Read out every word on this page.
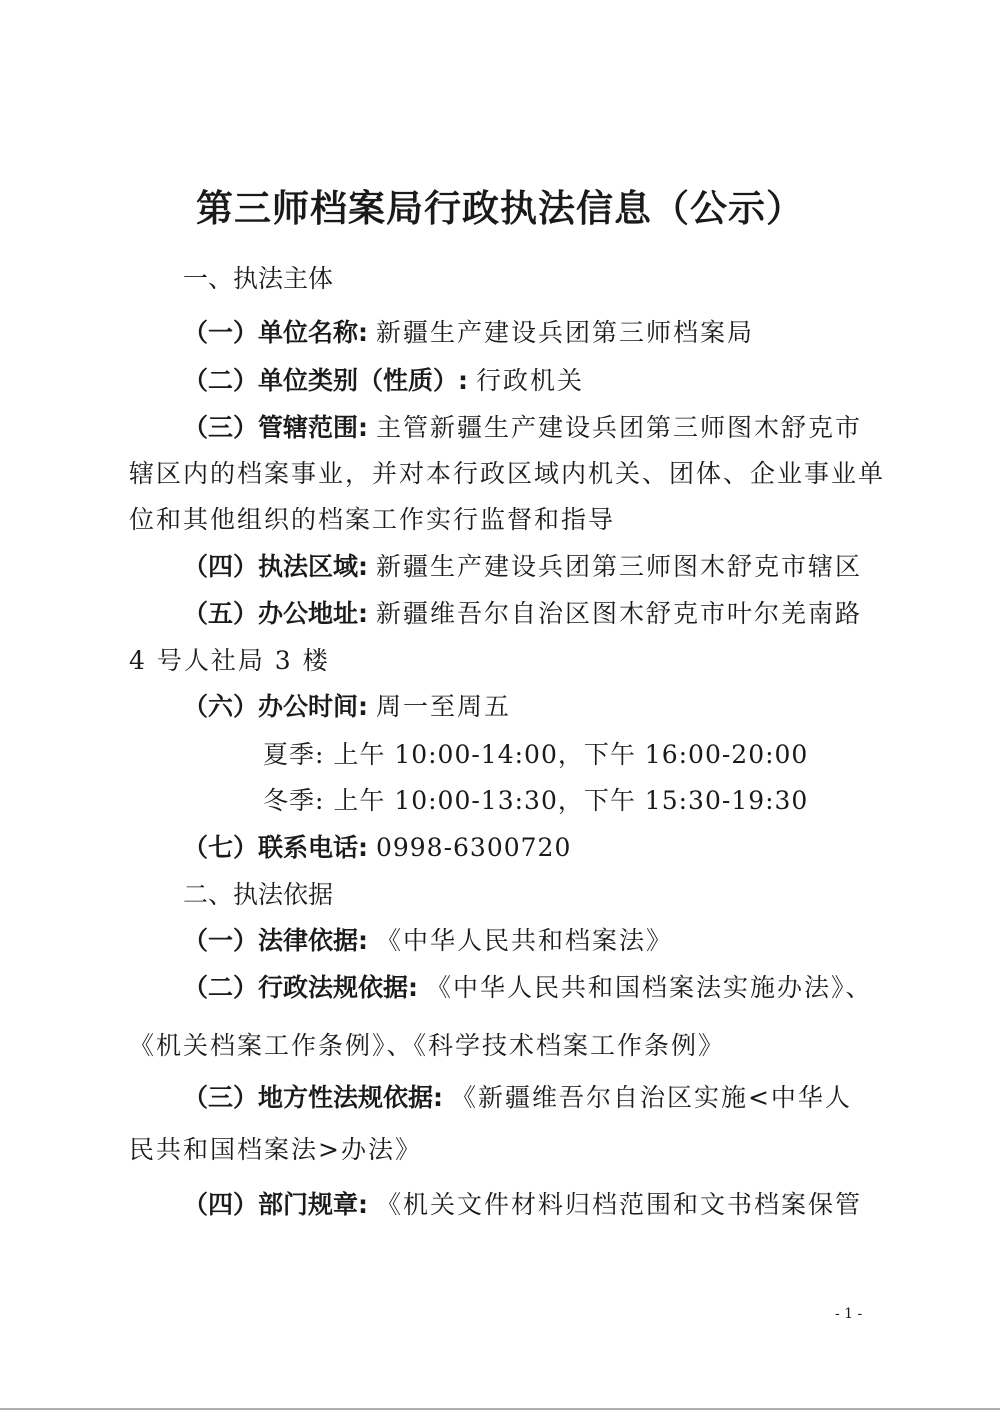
第三师档案局行政执法信息（公示）

一、执法主体

（一）单位名称: 新疆生产建设兵团第三师档案局

（二）单位类别（性质）: 行政机关

（三）管辖范围: 主管新疆生产建设兵团第三师图木舒克市

辖区内的档案事业，并对本行政区域内机关、团体、企业事业单

位和其他组织的档案工作实行监督和指导

（四）执法区域: 新疆生产建设兵团第三师图木舒克市辖区

（五）办公地址: 新疆维吾尔自治区图木舒克市叶尔羌南路

4 号人社局 3 楼

（六）办公时间: 周一至周五

夏季: 上午 10:00-14:00，下午 16:00-20:00

冬季: 上午 10:00-13:30，下午 15:30-19:30

（七）联系电话: 0998-6300720

二、执法依据

（一）法律依据: 《中华人民共和档案法》

（二）行政法规依据: 《中华人民共和国档案法实施办法》、

《机关档案工作条例》、《科学技术档案工作条例》

（三）地方性法规依据: 《新疆维吾尔自治区实施<中华人

民共和国档案法>办法》

（四）部门规章: 《机关文件材料归档范围和文书档案保管

- 1 -
